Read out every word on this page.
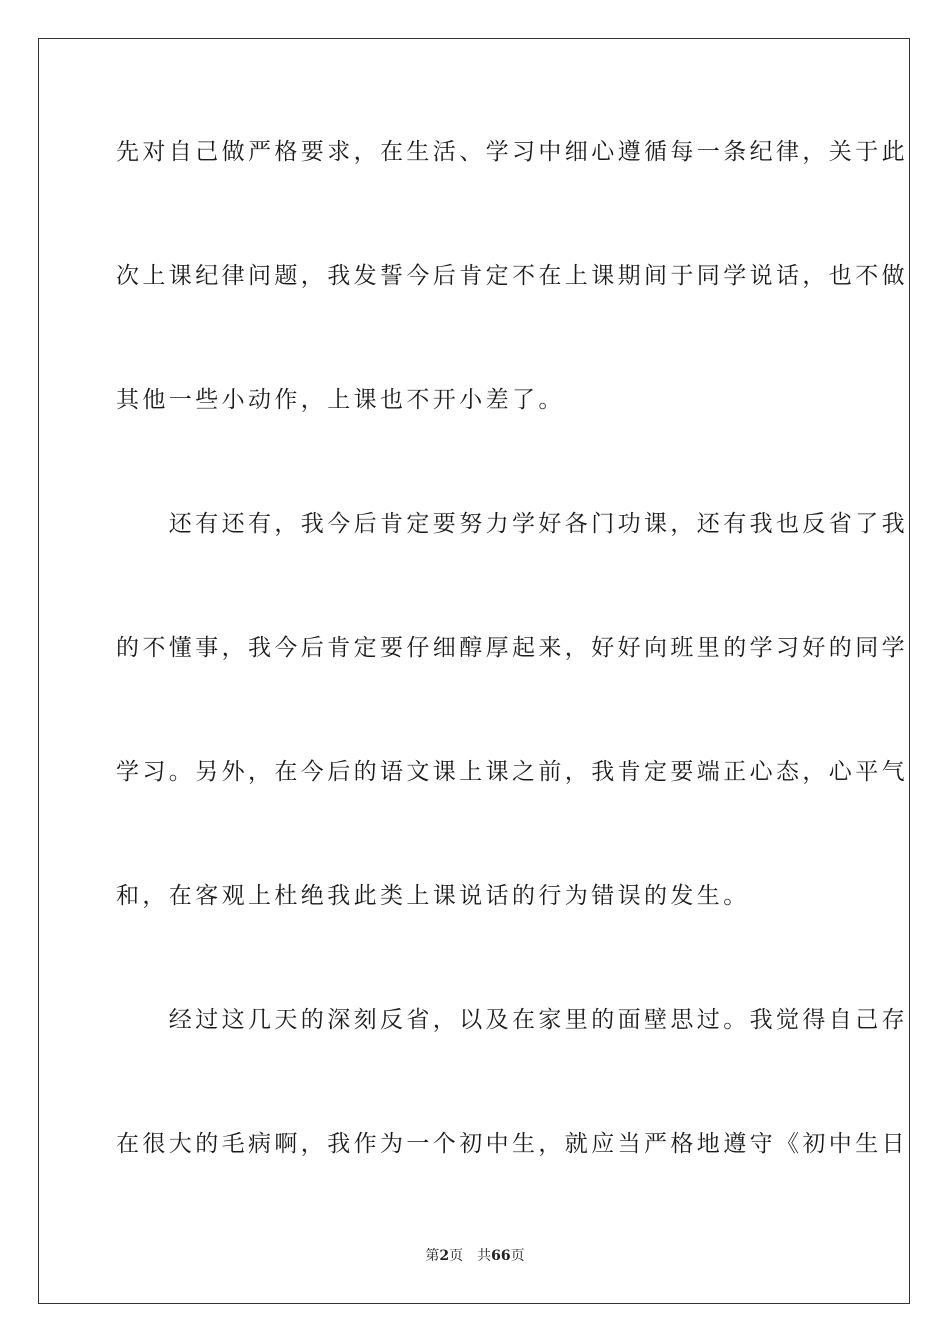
先对自己做严格要求，在生活、学习中细心遵循每一条纪律，关于此
次上课纪律问题，我发誓今后肯定不在上课期间于同学说话，也不做
其他一些小动作，上课也不开小差了。
　　还有还有，我今后肯定要努力学好各门功课，还有我也反省了我
的不懂事，我今后肯定要仔细醇厚起来，好好向班里的学习好的同学
学习。另外，在今后的语文课上课之前，我肯定要端正心态，心平气
和，在客观上杜绝我此类上课说话的行为错误的发生。
　　经过这几天的深刻反省，以及在家里的面壁思过。我觉得自己存
在很大的毛病啊，我作为一个初中生，就应当严格地遵守《初中生日
第2页 共66页
